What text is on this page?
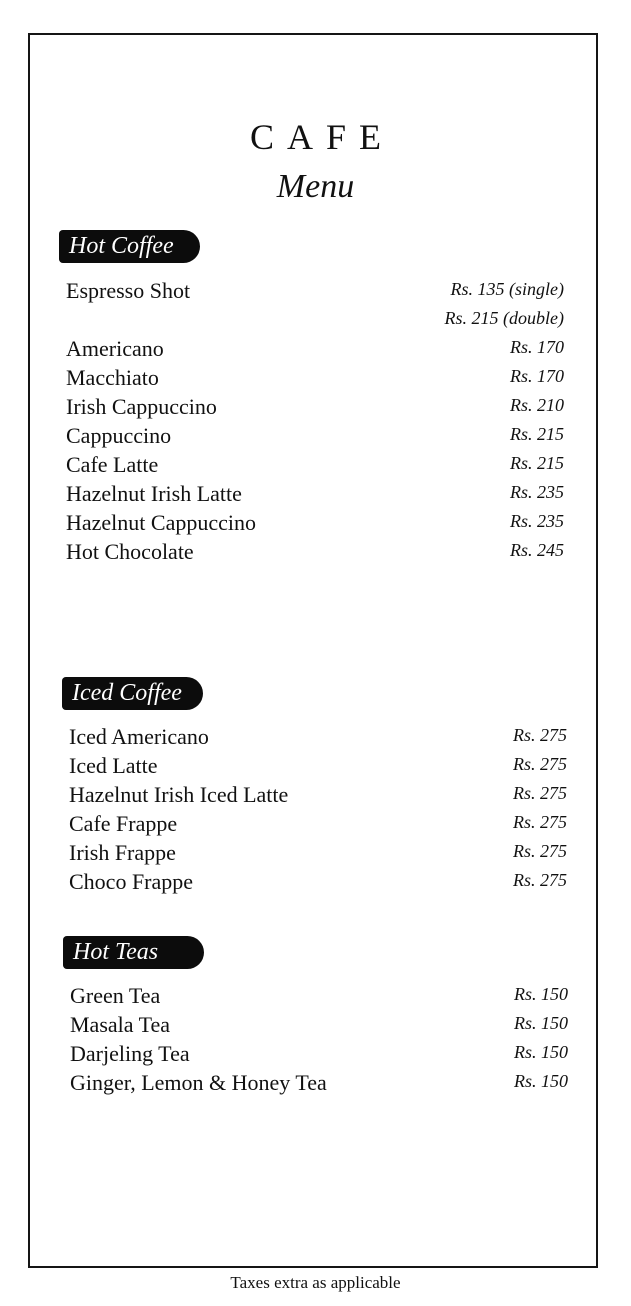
CAFE
Menu
Hot Coffee
Espresso Shot	Rs. 135 (single)
Rs. 215 (double)
Americano	Rs. 170
Macchiato	Rs. 170
Irish Cappuccino	Rs. 210
Cappuccino	Rs. 215
Cafe Latte	Rs. 215
Hazelnut Irish Latte	Rs. 235
Hazelnut Cappuccino	Rs. 235
Hot Chocolate	Rs. 245
Iced Coffee
Iced Americano	Rs. 275
Iced Latte	Rs. 275
Hazelnut Irish Iced Latte	Rs. 275
Cafe Frappe	Rs. 275
Irish Frappe	Rs. 275
Choco Frappe	Rs. 275
Hot Teas
Green Tea	Rs. 150
Masala Tea	Rs. 150
Darjeling Tea	Rs. 150
Ginger, Lemon & Honey Tea	Rs. 150
Taxes extra as applicable
